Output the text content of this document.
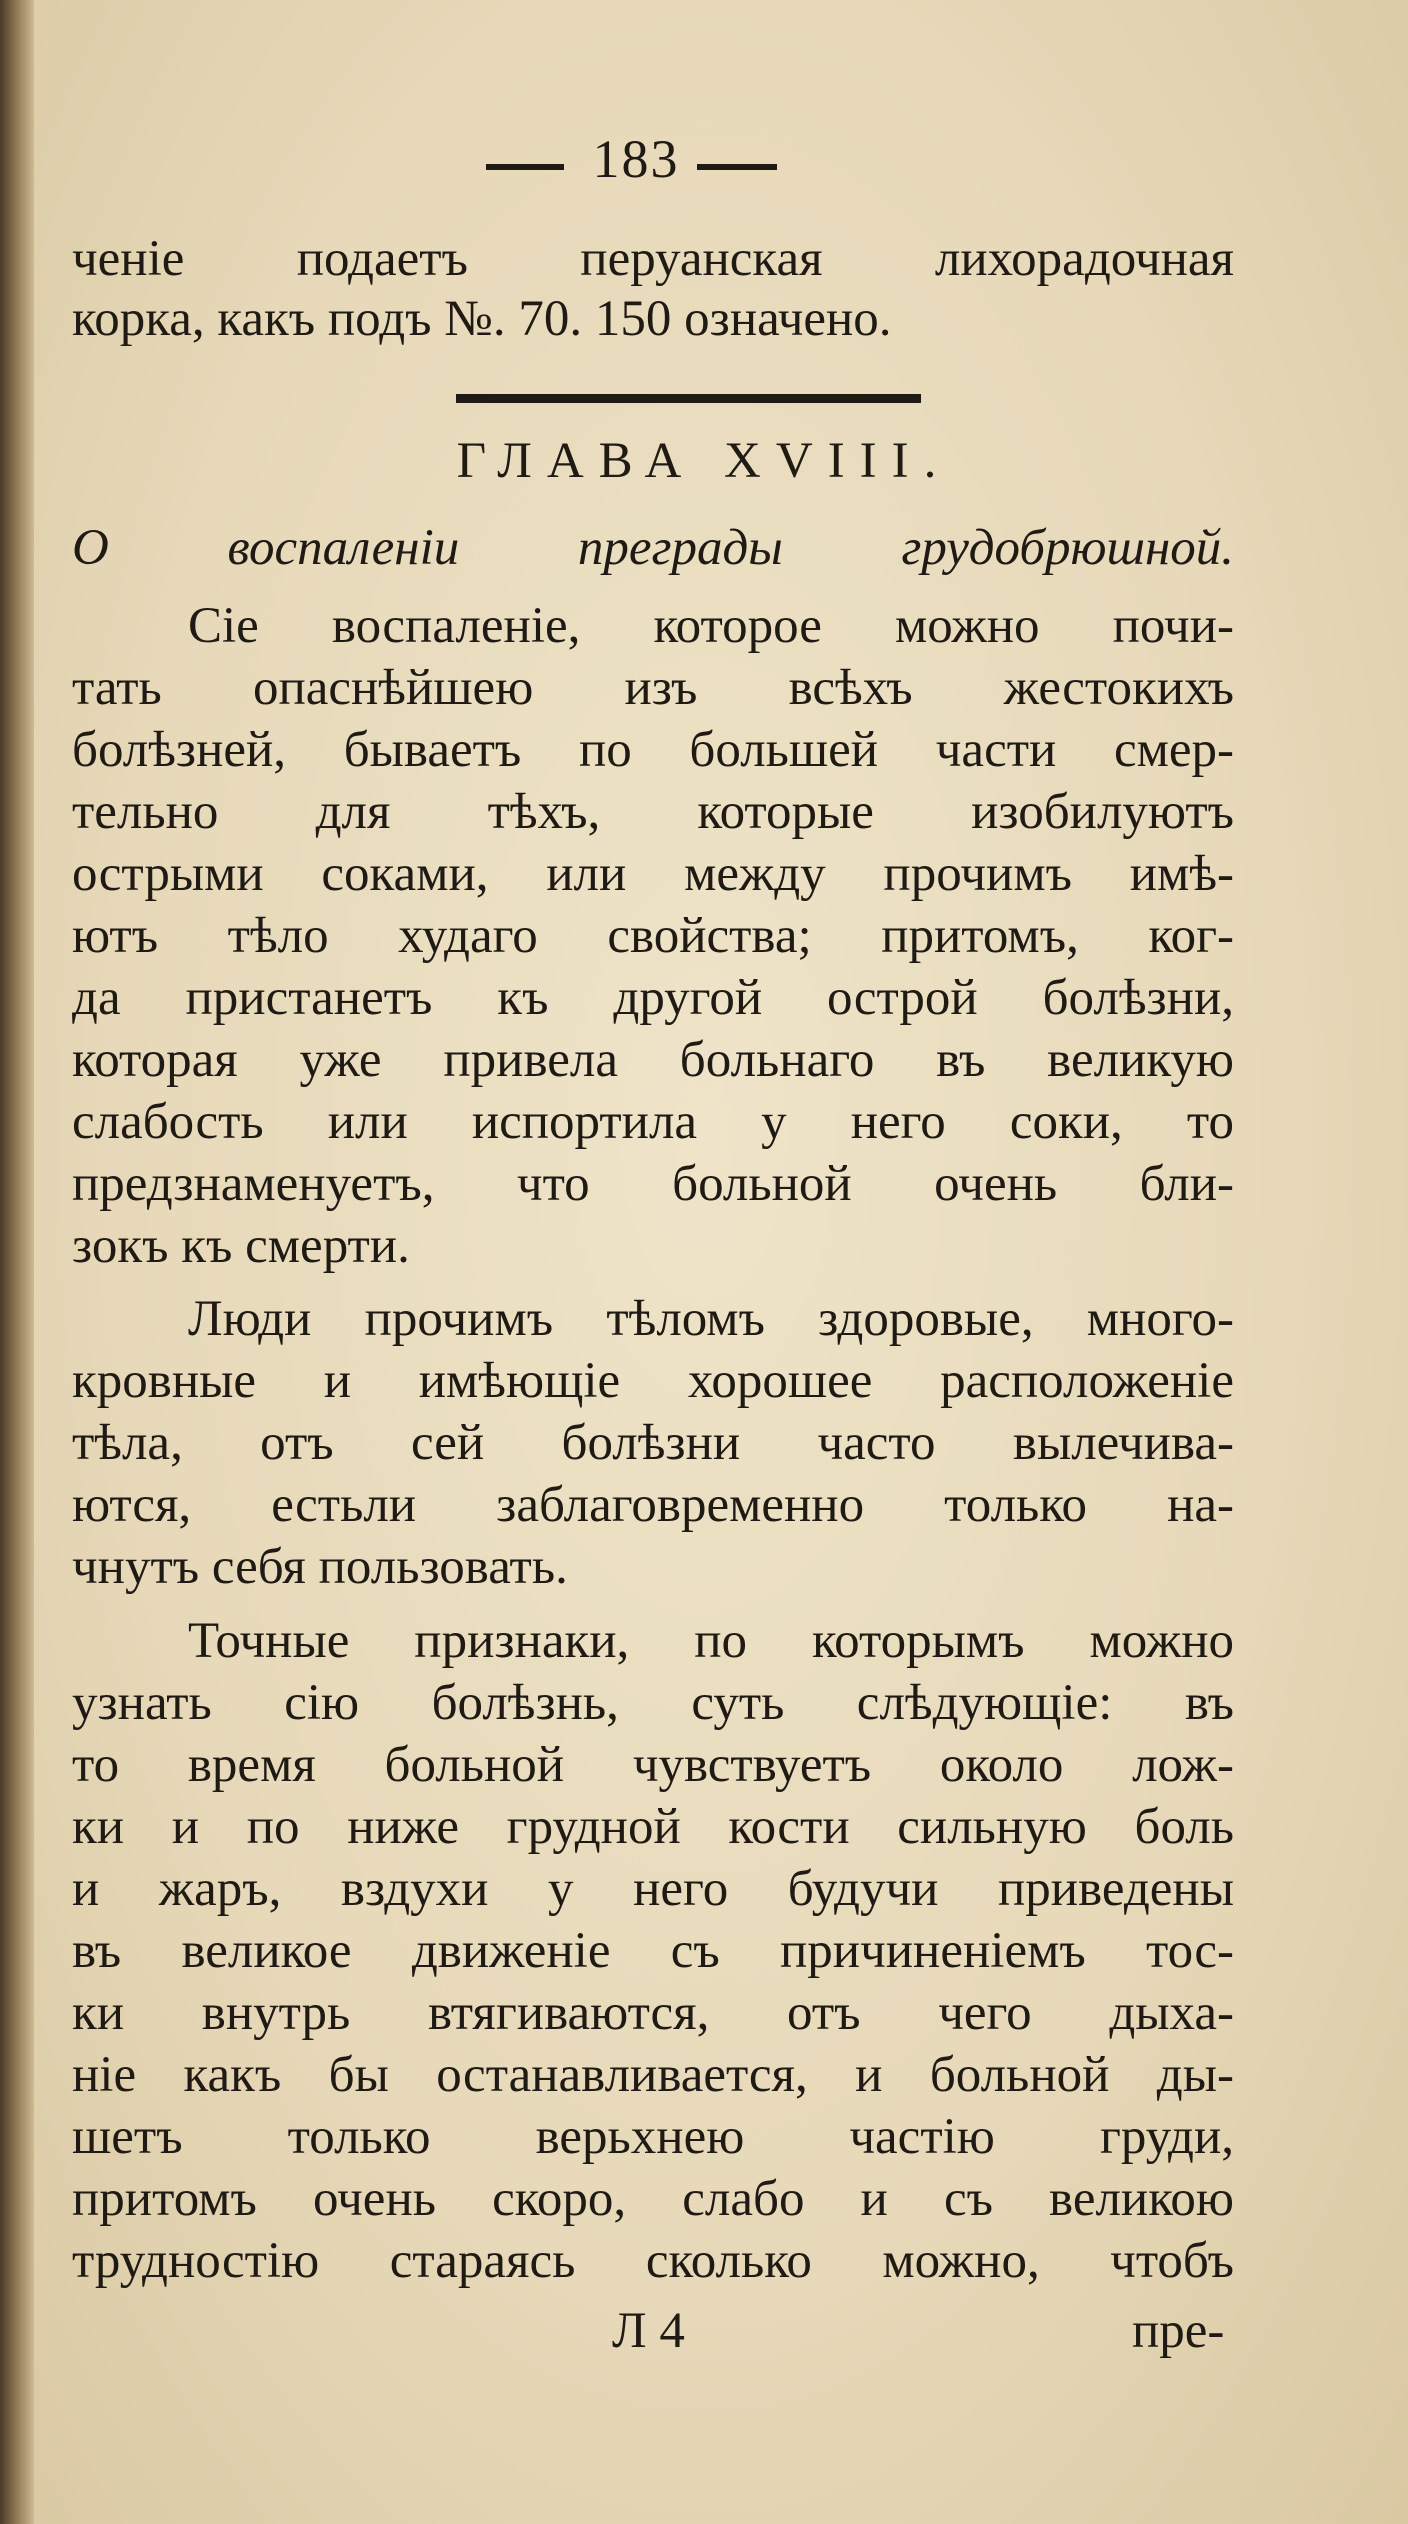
183
ченіе подаетъ перуанская лихорадочная
корка, какъ подъ №. 70. 150 означено.
ГЛАВА XVIII.
О воспаленіи преграды грудобрюшной.
Сіе воспаленіе, которое можно почи-
тать опаснѣйшею изъ всѣхъ жестокихъ
болѣзней, бываетъ по большей части смер-
тельно для тѣхъ, которые изобилуютъ
острыми соками, или между прочимъ имѣ-
ютъ тѣло худаго свойства; притомъ, ког-
да пристанетъ къ другой острой болѣзни,
которая уже привела больнаго въ великую
слабость или испортила у него соки, то
предзнаменуетъ, что больной очень бли-
зокъ къ смерти.
Люди прочимъ тѣломъ здоровые, много-
кровные и имѣющіе хорошее расположеніе
тѣла, отъ сей болѣзни часто вылечива-
ются, естьли заблаговременно только на-
чнутъ себя пользовать.
Точные признаки, по которымъ можно
узнать сію болѣзнь, суть слѣдующіе: въ
то время больной чувствуетъ около лож-
ки и по ниже грудной кости сильную боль
и жаръ, вздухи у него будучи приведены
въ великое движеніе съ причиненіемъ тос-
ки внутрь втягиваются, отъ чего дыха-
ніе какъ бы останавливается, и больной ды-
шетъ только верьхнею частію груди,
притомъ очень скоро, слабо и съ великою
трудностію стараясь сколько можно, чтобъ
Л 4	пре-
